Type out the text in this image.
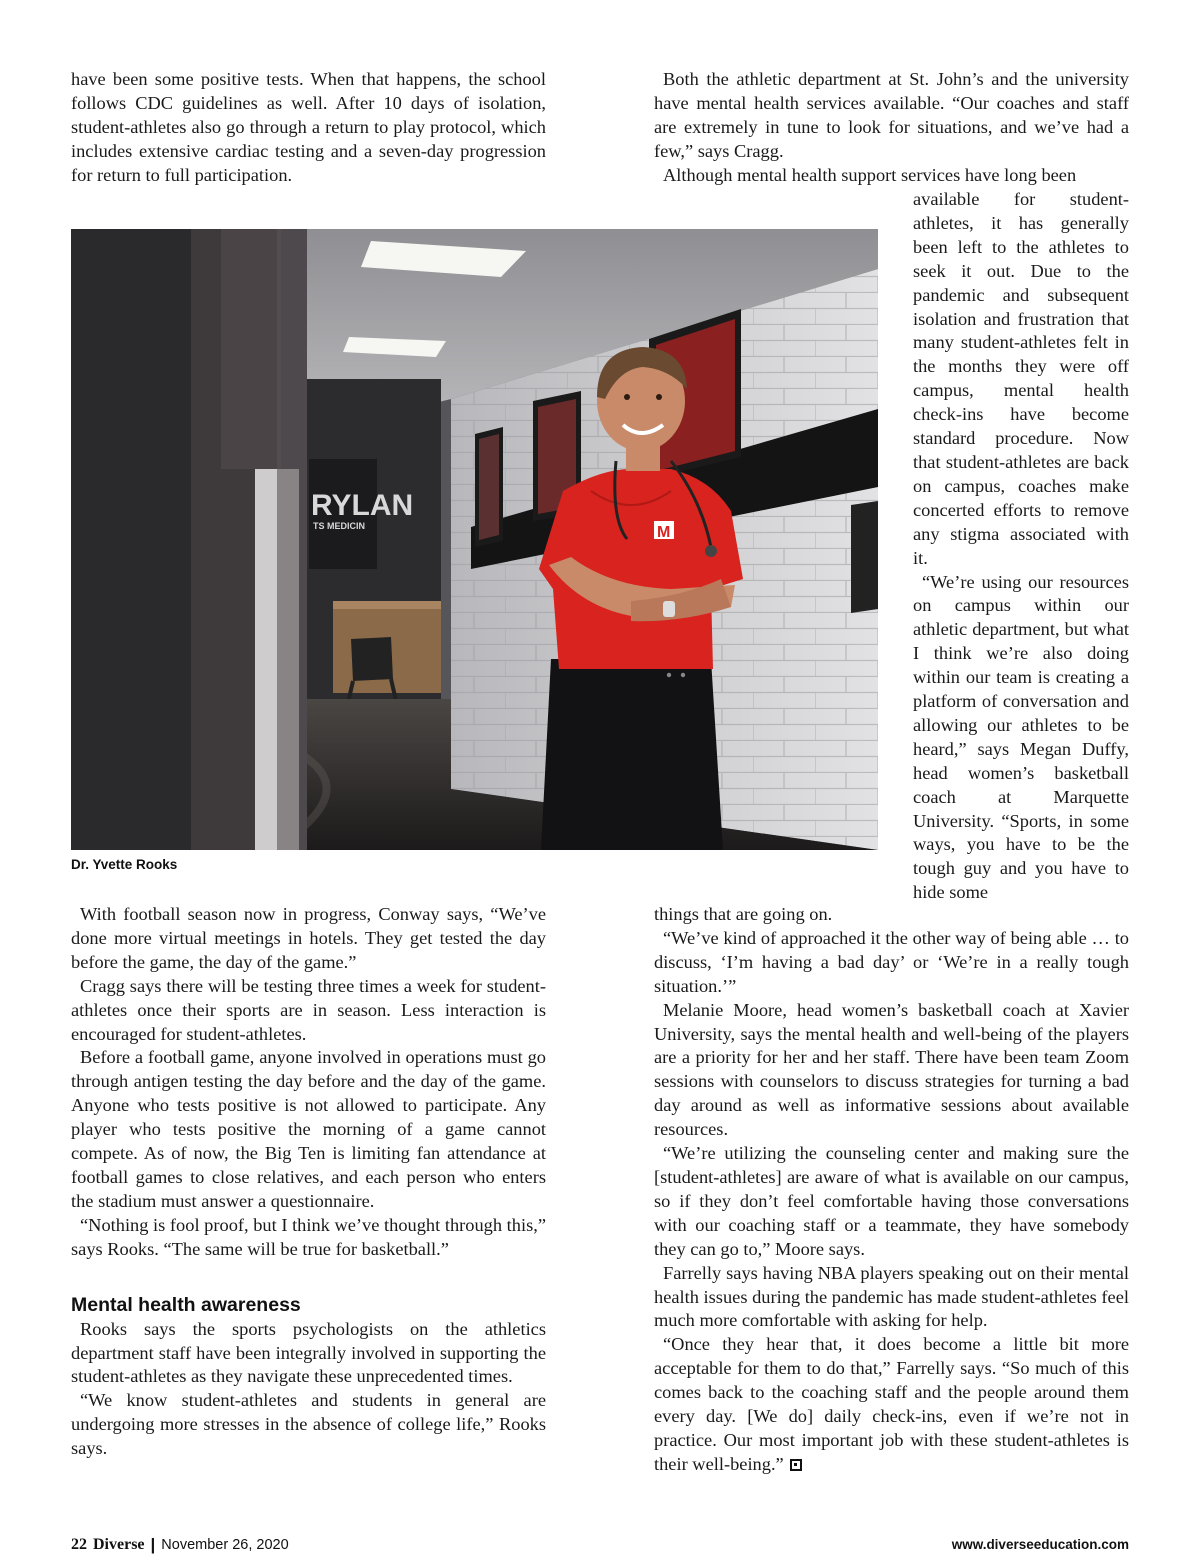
have been some positive tests. When that happens, the school follows CDC guidelines as well. After 10 days of isolation, student-athletes also go through a return to play protocol, which includes extensive cardiac testing and a seven-day progression for return to full participation.

Both the athletic department at St. John’s and the university have mental health services available. “Our coaches and staff are extremely in tune to look for situations, and we’ve had a few,” says Cragg.

Although mental health support services have long been

available for student-athletes, it has generally been left to the athletes to seek it out. Due to the pandemic and subsequent isolation and frustration that many student-athletes felt in the months they were off campus, mental health check-ins have become standard procedure. Now that student-athletes are back on campus, coaches make concerted efforts to remove any stigma associated with it.

“We’re using our resources on campus within our athletic department, but what I think we’re also doing within our team is creating a platform of conversation and allowing our athletes to be heard,” says Megan Duffy, head women’s basketball coach at Marquette University. “Sports, in some ways, you have to be the tough guy and you have to hide some

RYLAN
TS MEDICIN	M
Dr. Yvette Rooks

With football season now in progress, Conway says, “We’ve done more virtual meetings in hotels. They get tested the day before the game, the day of the game.”

Cragg says there will be testing three times a week for student-athletes once their sports are in season. Less interaction is encouraged for student-athletes.

Before a football game, anyone involved in operations must go through antigen testing the day before and the day of the game. Anyone who tests positive is not allowed to participate. Any player who tests positive the morning of a game cannot compete. As of now, the Big Ten is limiting fan attendance at football games to close relatives, and each person who enters the stadium must answer a questionnaire.

“Nothing is fool proof, but I think we’ve thought through this,” says Rooks. “The same will be true for basketball.”

Mental health awareness

Rooks says the sports psychologists on the athletics department staff have been integrally involved in supporting the student-athletes as they navigate these unprecedented times.

“We know student-athletes and students in general are undergoing more stresses in the absence of college life,” Rooks says.

things that are going on.

“We’ve kind of approached it the other way of being able … to discuss, ‘I’m having a bad day’ or ‘We’re in a really tough situation.’”

Melanie Moore, head women’s basketball coach at Xavier University, says the mental health and well-being of the players are a priority for her and her staff. There have been team Zoom sessions with counselors to discuss strategies for turning a bad day around as well as informative sessions about available resources.

“We’re utilizing the counseling center and making sure the [student-athletes] are aware of what is available on our campus, so if they don’t feel comfortable having those conversations with our coaching staff or a teammate, they have somebody they can go to,” Moore says.

Farrelly says having NBA players speaking out on their mental health issues during the pandemic has made student-athletes feel much more comfortable with asking for help.

“Once they hear that, it does become a little bit more acceptable for them to do that,” Farrelly says. “So much of this comes back to the coaching staff and the people around them every day. [We do] daily check-ins, even if we’re not in practice. Our most important job with these student-athletes is their well-being.”

22 Diverse | November 26, 2020	www.diverseeducation.com
